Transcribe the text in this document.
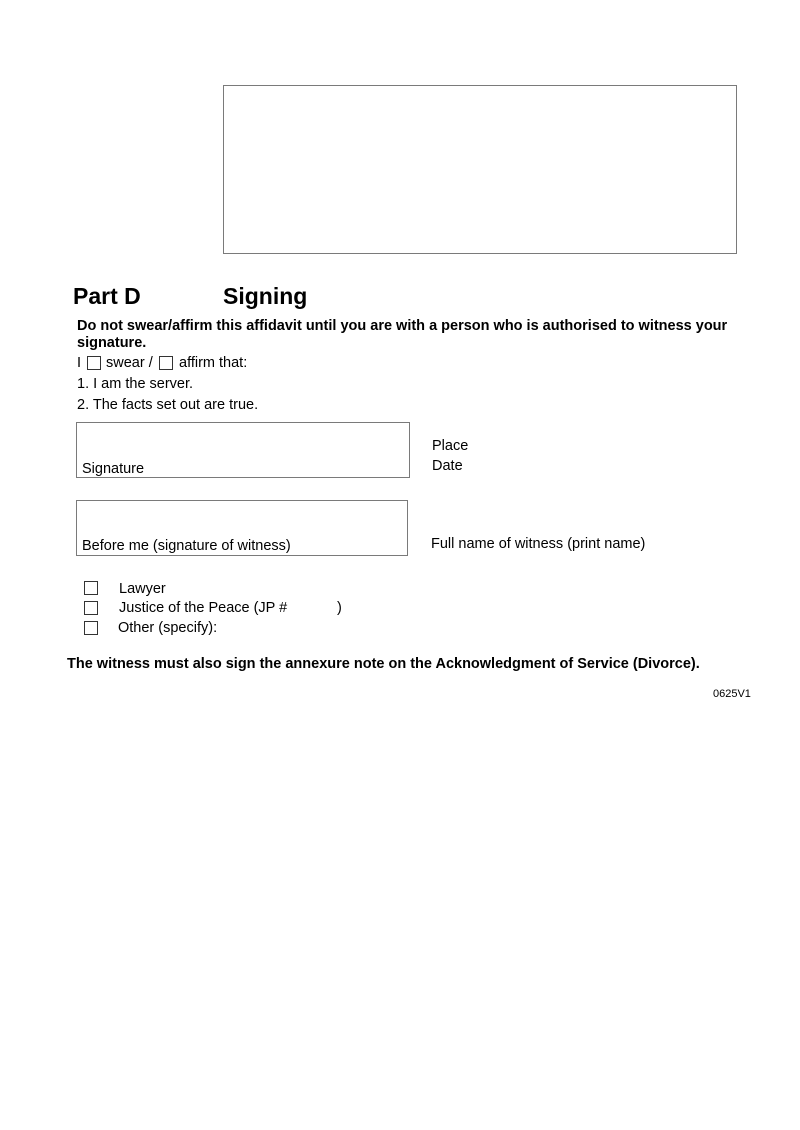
Part D	Signing
Do not swear/affirm this affidavit until you are with a person who is authorised to witness your signature.
I	swear / affirm that:
1. I am the server.
2. The facts set out are true.
Signature
Place
Date
Before me (signature of witness)	Full name of witness (print name)
Lawyer
Justice of the Peace (JP #	)
Other (specify):
The witness must also sign the annexure note on the Acknowledgment of Service (Divorce).
0625V1
